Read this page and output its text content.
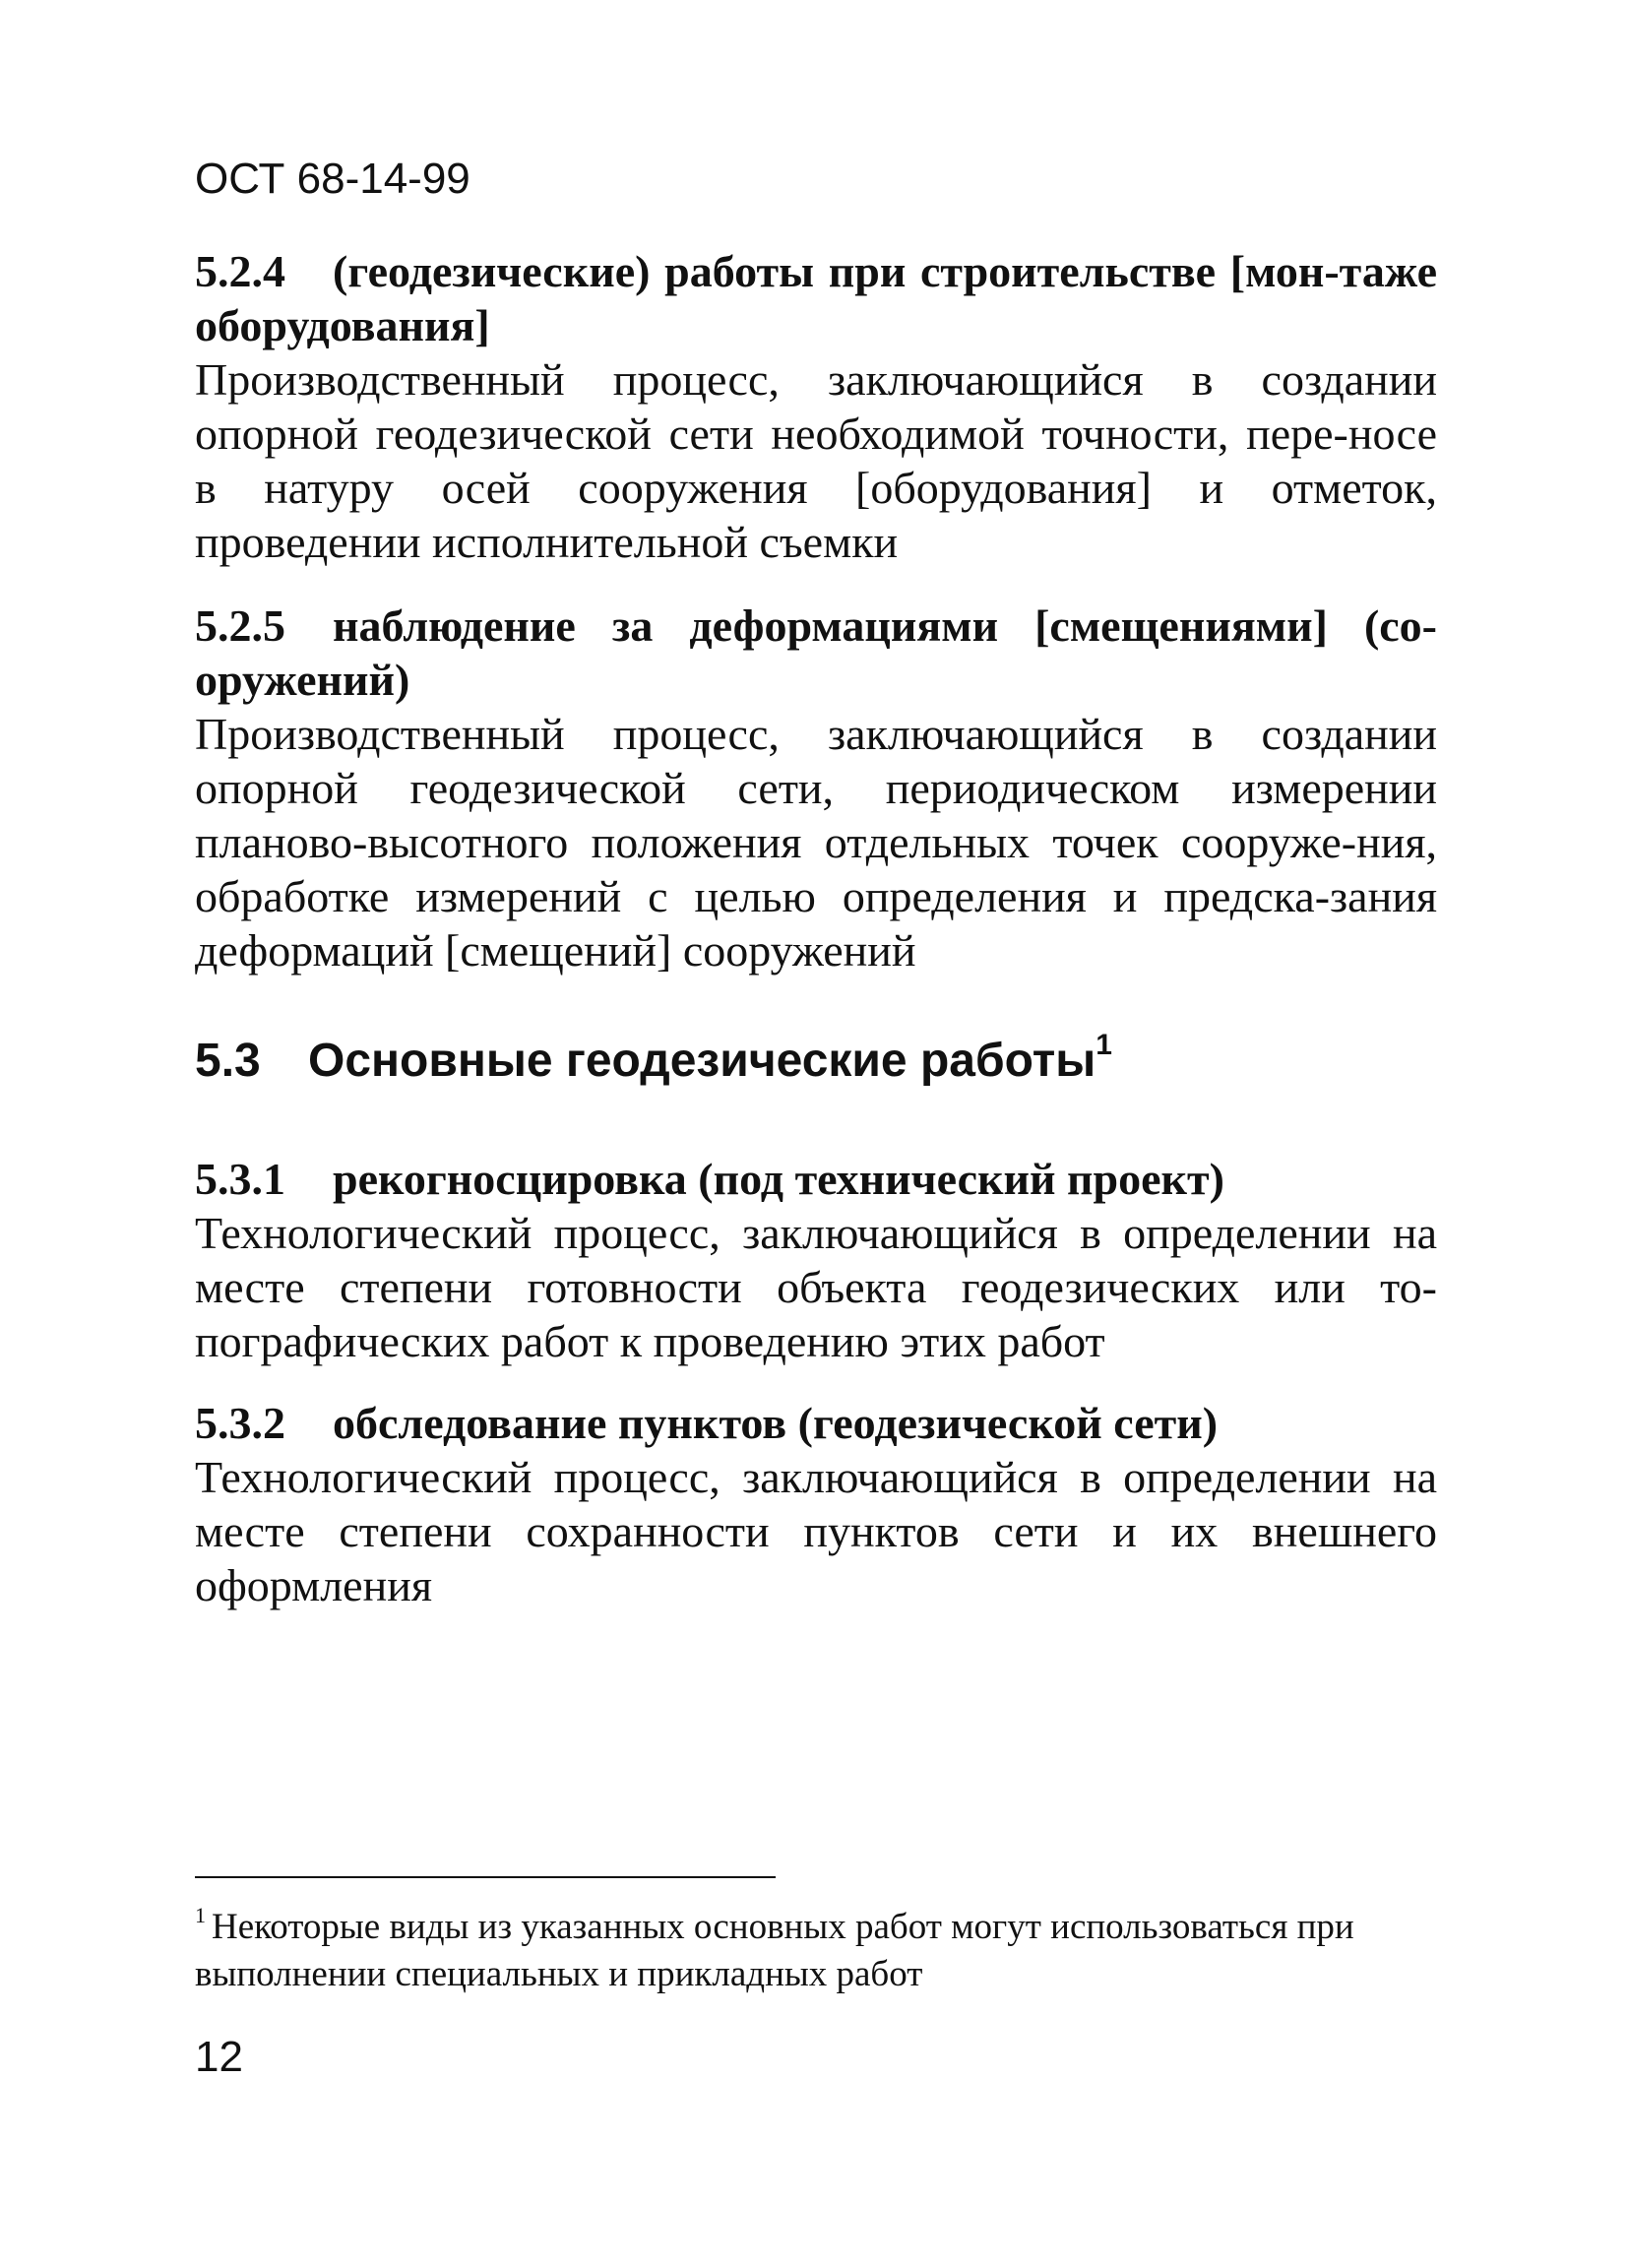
ОСТ 68-14-99
5.2.4 (геодезические) работы при строительстве [мон-таже оборудования]
Производственный процесс, заключающийся в создании опорной геодезической сети необходимой точности, пере-носе в натуру осей сооружения [оборудования] и отметок, проведении исполнительной съемки
5.2.5 наблюдение за деформациями [смещениями] (со-оружений)
Производственный процесс, заключающийся в создании опорной геодезической сети, периодическом измерении планово-высотного положения отдельных точек сооруже-ния, обработке измерений с целью определения и предска-зания деформаций [смещений] сооружений
5.3 Основные геодезические работы$^1$
5.3.1 рекогносцировка (под технический проект)
Технологический процесс, заключающийся в определении на месте степени готовности объекта геодезических или то-пографических работ к проведению этих работ
5.3.2 обследование пунктов (геодезической сети)
Технологический процесс, заключающийся в определении на месте степени сохранности пунктов сети и их внешнего оформления
$^1$ Некоторые виды из указанных основных работ могут использоваться при выполнении специальных и прикладных работ
12
